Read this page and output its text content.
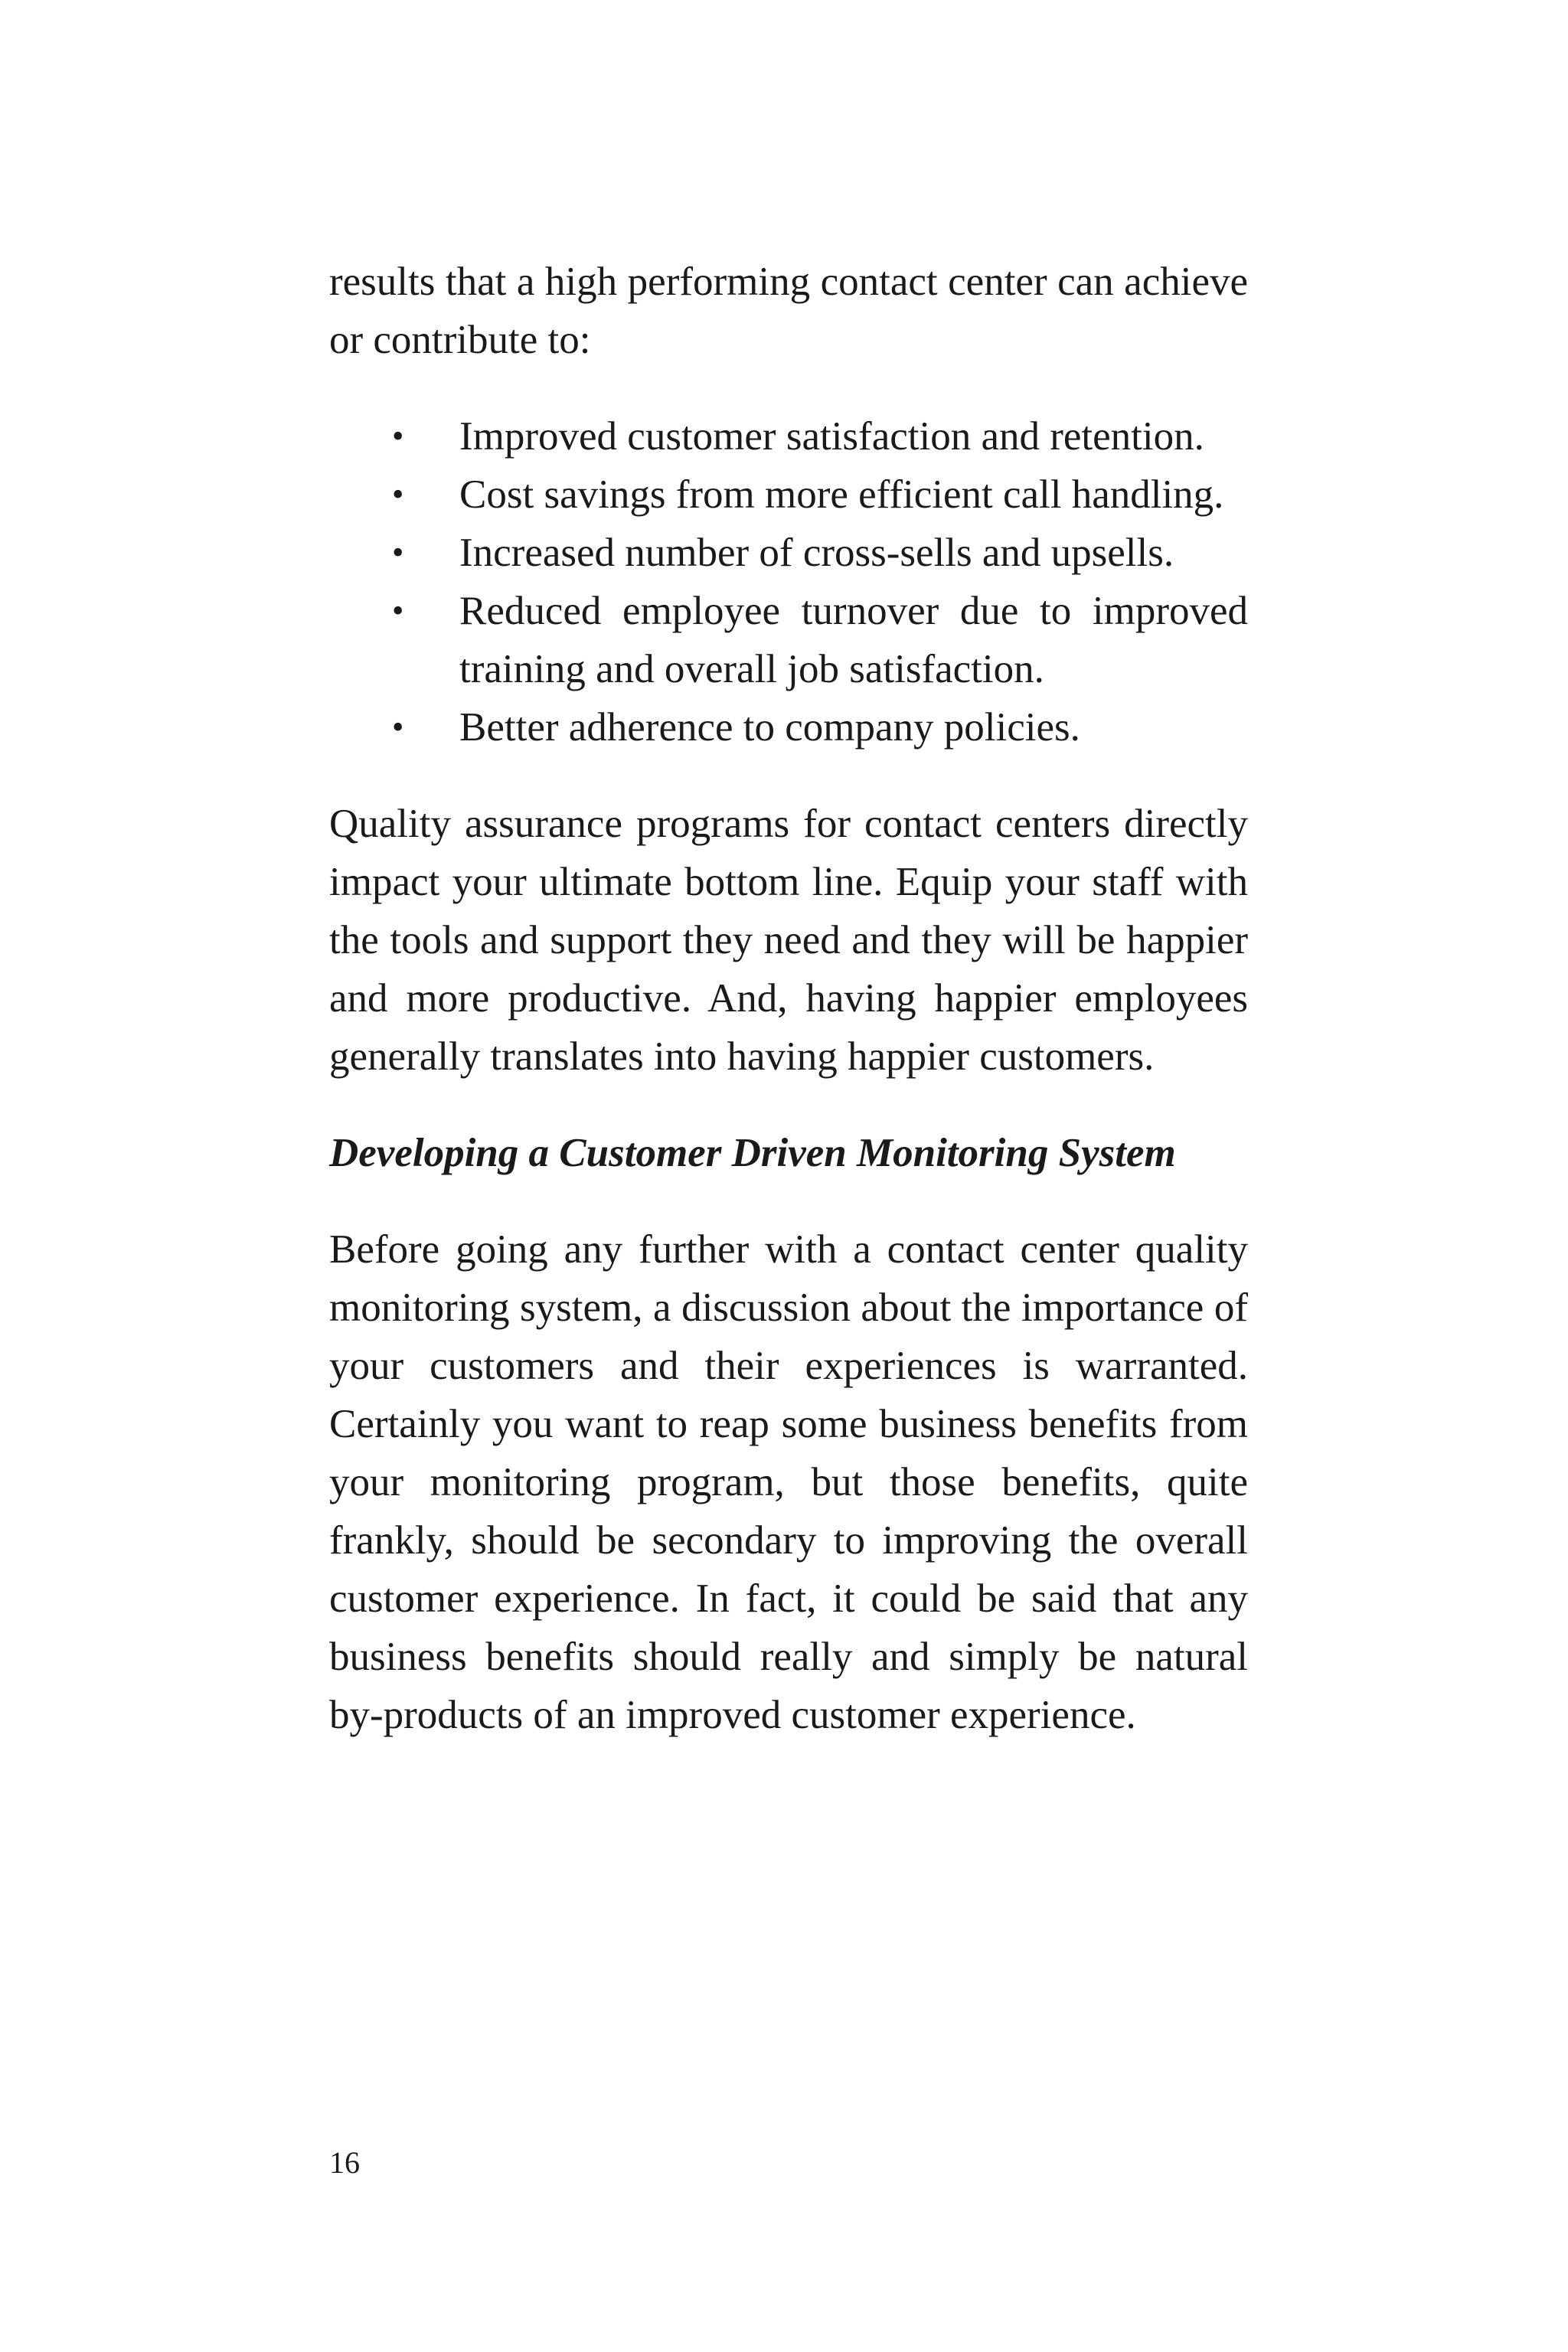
results that a high performing contact center can achieve or contribute to:

• Improved customer satisfaction and retention.
• Cost savings from more efficient call handling.
• Increased number of cross-sells and upsells.
• Reduced employee turnover due to improved training and overall job satisfaction.
• Better adherence to company policies.

Quality assurance programs for contact centers directly impact your ultimate bottom line. Equip your staff with the tools and support they need and they will be happier and more productive. And, having happier employees generally translates into having happier customers.

Developing a Customer Driven Monitoring System

Before going any further with a contact center quality monitoring system, a discussion about the importance of your customers and their experiences is warranted. Certainly you want to reap some business benefits from your monitoring program, but those benefits, quite frankly, should be secondary to improving the overall customer experience. In fact, it could be said that any business benefits should really and simply be natural by-products of an improved customer experience.

16
